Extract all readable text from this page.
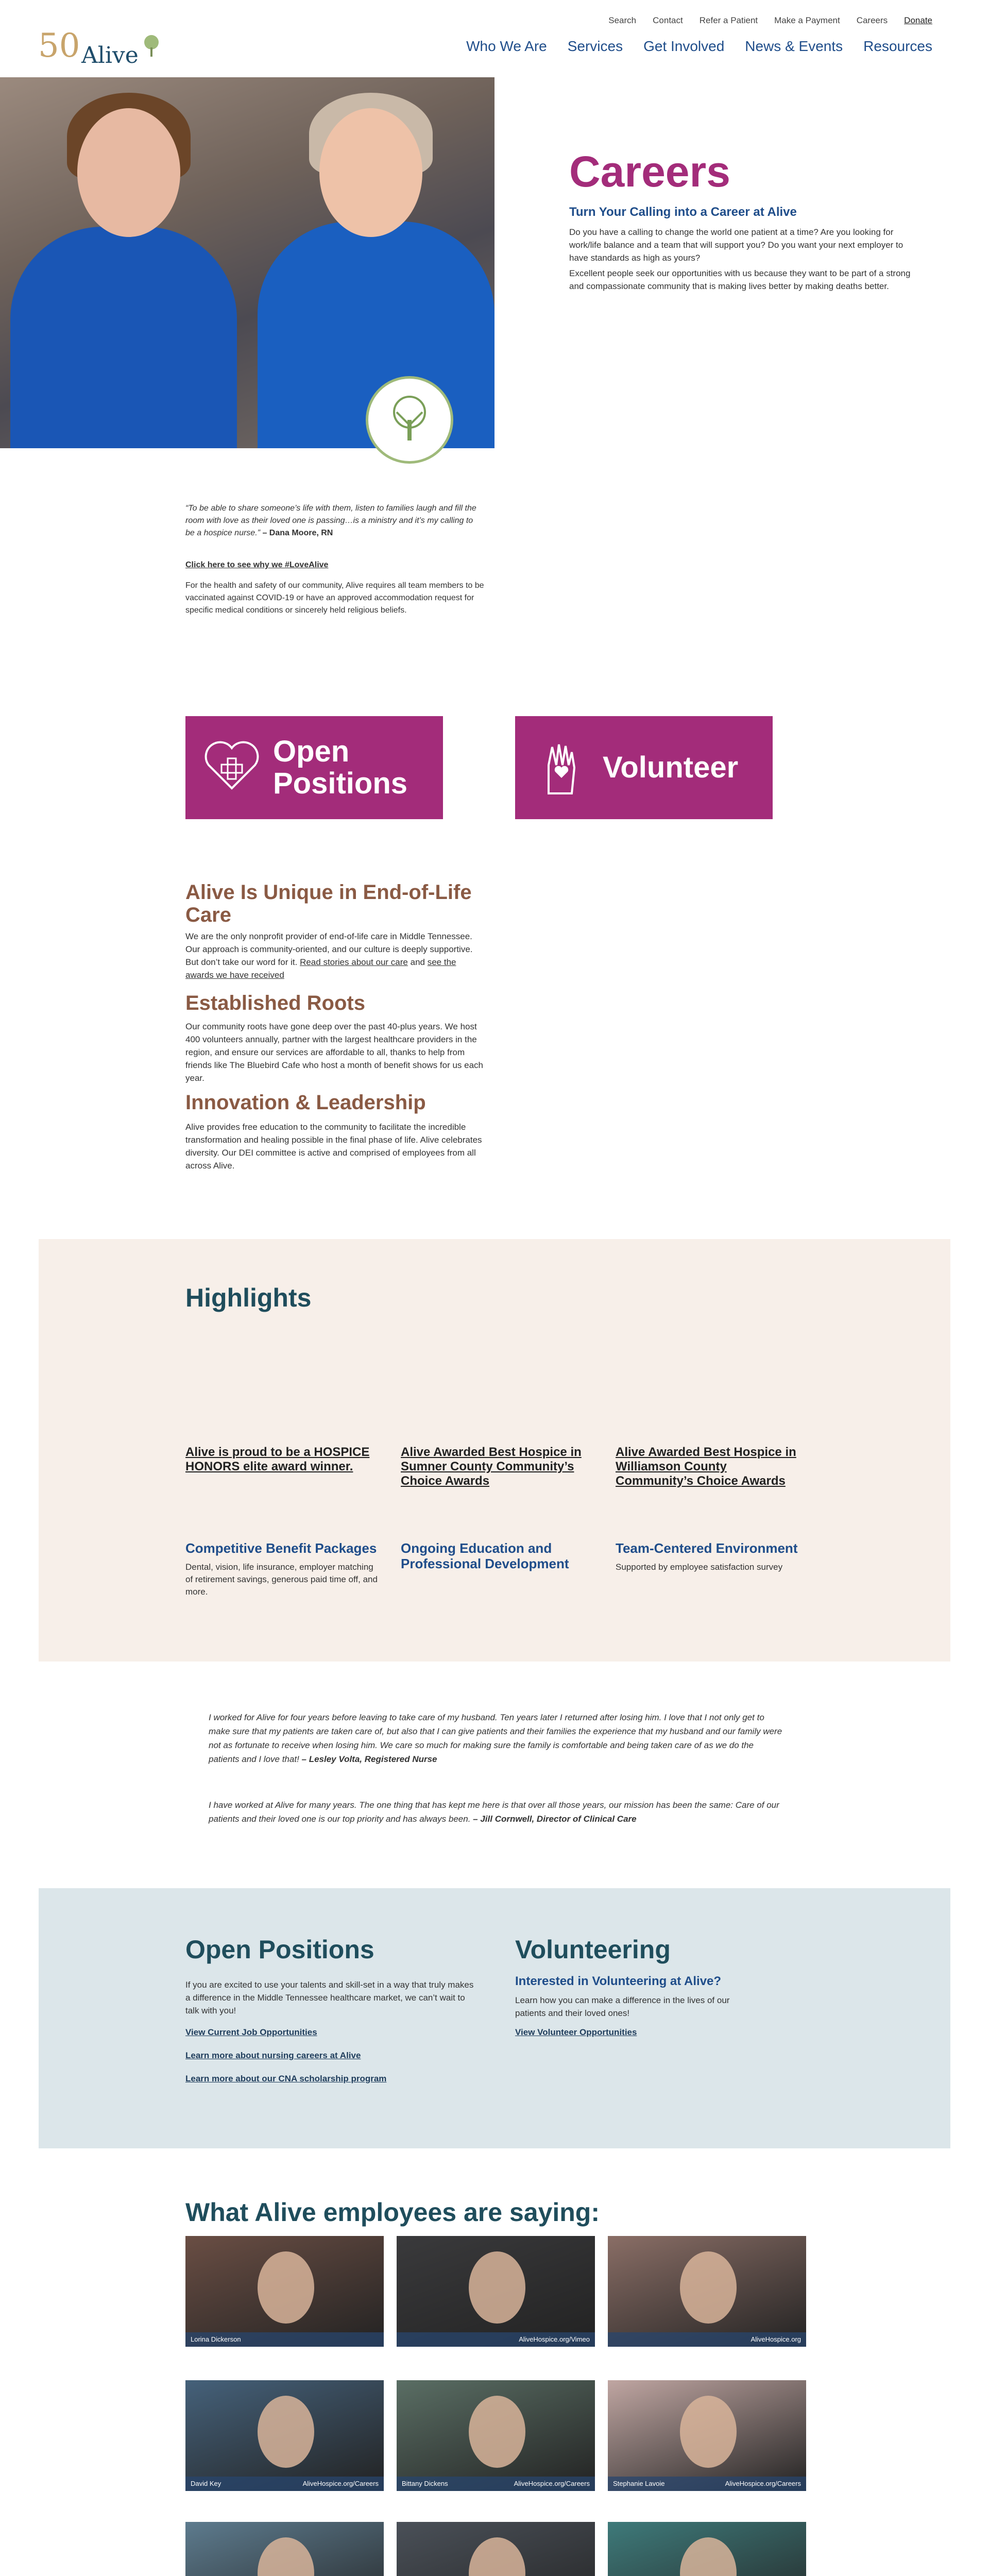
50 Alive
Search Contact Refer a Patient Make a Payment Careers Donate
Who We Are Services Get Involved News & Events Resources
Careers
Turn Your Calling into a Career at Alive

Do you have a calling to change the world one patient at a time? Are you looking for work/life balance and a team that will support you? Do you want your next employer to have standards as high as yours?

Excellent people seek our opportunities with us because they want to be part of a strong and compassionate community that is making lives better by making deaths better.

“To be able to share someone’s life with them, listen to families laugh and fill the room with love as their loved one is passing…is a ministry and it’s my calling to be a hospice nurse.” – Dana Moore, RN
Click here to see why we #LoveAlive

For the health and safety of our community, Alive requires all team members to be vaccinated against COVID-19 or have an approved accommodation request for specific medical conditions or sincerely held religious beliefs.

Open Positions	Volunteer
Alive Is Unique in End-of-Life Care

We are the only nonprofit provider of end-of-life care in Middle Tennessee. Our approach is community-oriented, and our culture is deeply supportive. But don’t take our word for it. Read stories about our care and see the awards we have received

Established Roots

Our community roots have gone deep over the past 40-plus years. We host 400 volunteers annually, partner with the largest healthcare providers in the region, and ensure our services are affordable to all, thanks to help from friends like The Bluebird Cafe who host a month of benefit shows for us each year.

Innovation & Leadership

Alive provides free education to the community to facilitate the incredible transformation and healing possible in the final phase of life. Alive celebrates diversity. Our DEI committee is active and comprised of employees from all across Alive.

Highlights
Alive is proud to be a HOSPICE HONORS elite award winner.
Alive Awarded Best Hospice in Sumner County Community’s Choice Awards
Alive Awarded Best Hospice in Williamson County Community’s Choice Awards
Competitive Benefit Packages

Dental, vision, life insurance, employer matching of retirement savings, generous paid time off, and more.

Ongoing Education and Professional Development
Team-Centered Environment

Supported by employee satisfaction survey

I worked for Alive for four years before leaving to take care of my husband. Ten years later I returned after losing him. I love that I not only get to make sure that my patients are taken care of, but also that I can give patients and their families the experience that my husband and our family were not as fortunate to receive when losing him. We care so much for making sure the family is comfortable and being taken care of as we do the patients and I love that! – Lesley Volta, Registered Nurse

I have worked at Alive for many years. The one thing that has kept me here is that over all those years, our mission has been the same: Care of our patients and their loved one is our top priority and has always been. – Jill Cornwell, Director of Clinical Care

Open Positions

If you are excited to use your talents and skill-set in a way that truly makes a difference in the Middle Tennessee healthcare market, we can’t wait to talk with you!

View Current Job Opportunities
Learn more about nursing careers at Alive
Learn more about our CNA scholarship program
Volunteering
Interested in Volunteering at Alive?

Learn how you can make a difference in the lives of our patients and their loved ones!

View Volunteer Opportunities
What Alive employees are saying:
Lorina Dickerson	AliveHospice.org/Vimeo	AliveHospice.org
David Key	AliveHospice.org/Careers	Bittany Dickens	AliveHospice.org/Careers	Stephanie Lavoie	AliveHospice.org/Careers
